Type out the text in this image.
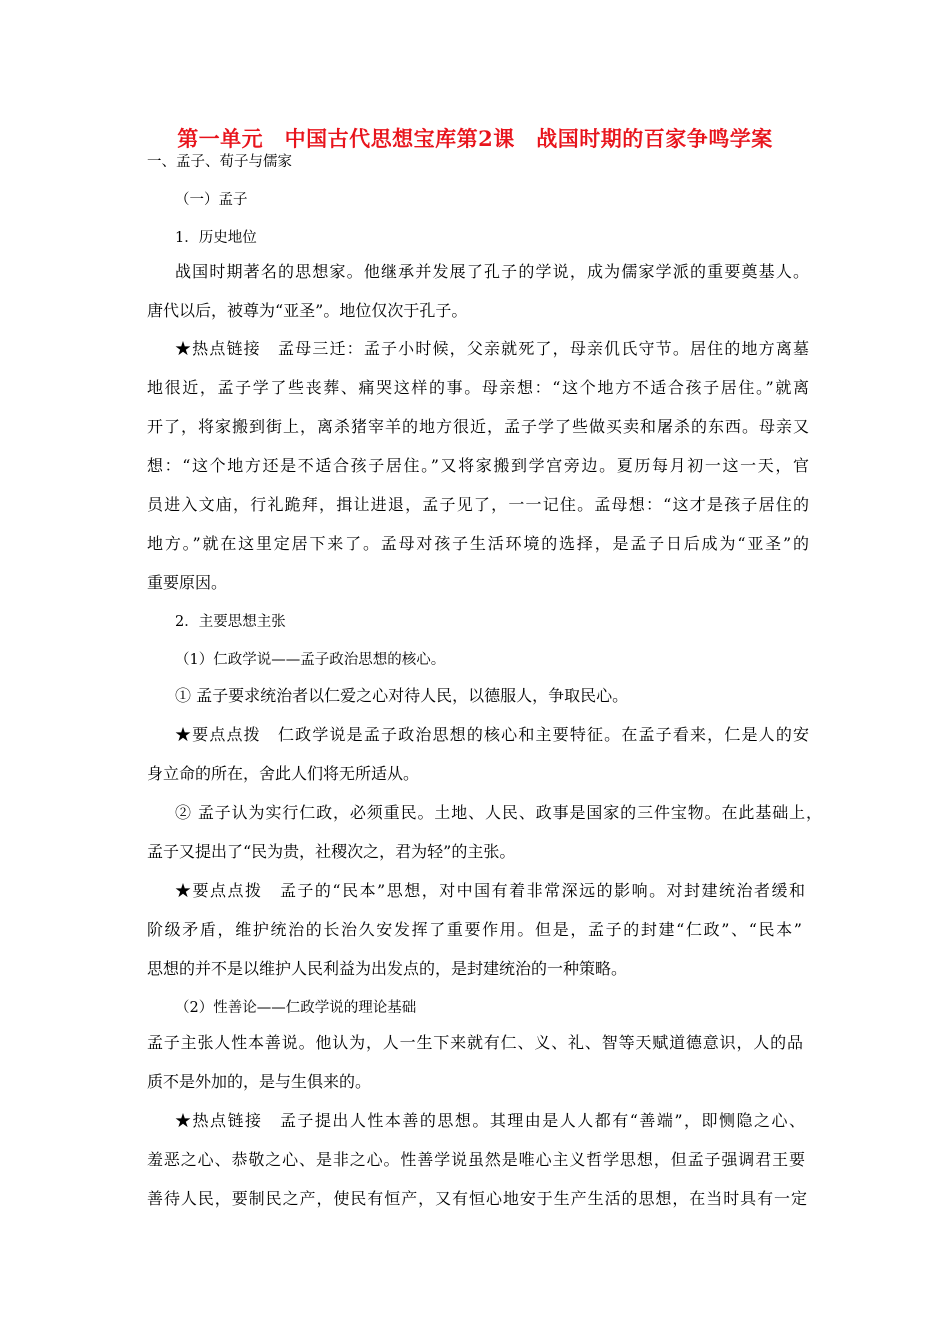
第一单元　中国古代思想宝库第2课　战国时期的百家争鸣学案
一、孟子、荀子与儒家
（一）孟子
1．历史地位
战国时期著名的思想家。他继承并发展了孔子的学说，成为儒家学派的重要奠基人。
唐代以后，被尊为“亚圣”。地位仅次于孔子。
★热点链接　孟母三迁：孟子小时候，父亲就死了，母亲仉氏守节。居住的地方离墓
地很近，孟子学了些丧葬、痛哭这样的事。母亲想：“这个地方不适合孩子居住。”就离
开了，将家搬到街上，离杀猪宰羊的地方很近，孟子学了些做买卖和屠杀的东西。母亲又
想：“这个地方还是不适合孩子居住。”又将家搬到学宫旁边。夏历每月初一这一天，官
员进入文庙，行礼跪拜，揖让进退，孟子见了，一一记住。孟母想：“这才是孩子居住的
地方。”就在这里定居下来了。孟母对孩子生活环境的选择，是孟子日后成为“亚圣”的
重要原因。
2．主要思想主张
（1）仁政学说——孟子政治思想的核心。
① 孟子要求统治者以仁爱之心对待人民，以德服人，争取民心。
★要点点拨　仁政学说是孟子政治思想的核心和主要特征。在孟子看来，仁是人的安
身立命的所在，舍此人们将无所适从。
② 孟子认为实行仁政，必须重民。土地、人民、政事是国家的三件宝物。在此基础上，
孟子又提出了“民为贵，社稷次之，君为轻”的主张。
★要点点拨　孟子的“民本”思想，对中国有着非常深远的影响。对封建统治者缓和
阶级矛盾，维护统治的长治久安发挥了重要作用。但是，孟子的封建“仁政”、“民本”
思想的并不是以维护人民利益为出发点的，是封建统治的一种策略。
（2）性善论——仁政学说的理论基础
孟子主张人性本善说。他认为，人一生下来就有仁、义、礼、智等天赋道德意识，人的品
质不是外加的，是与生俱来的。
★热点链接　孟子提出人性本善的思想。其理由是人人都有“善端”，即恻隐之心、
羞恶之心、恭敬之心、是非之心。性善学说虽然是唯心主义哲学思想，但孟子强调君王要
善待人民，要制民之产，使民有恒产，又有恒心地安于生产生活的思想，在当时具有一定
